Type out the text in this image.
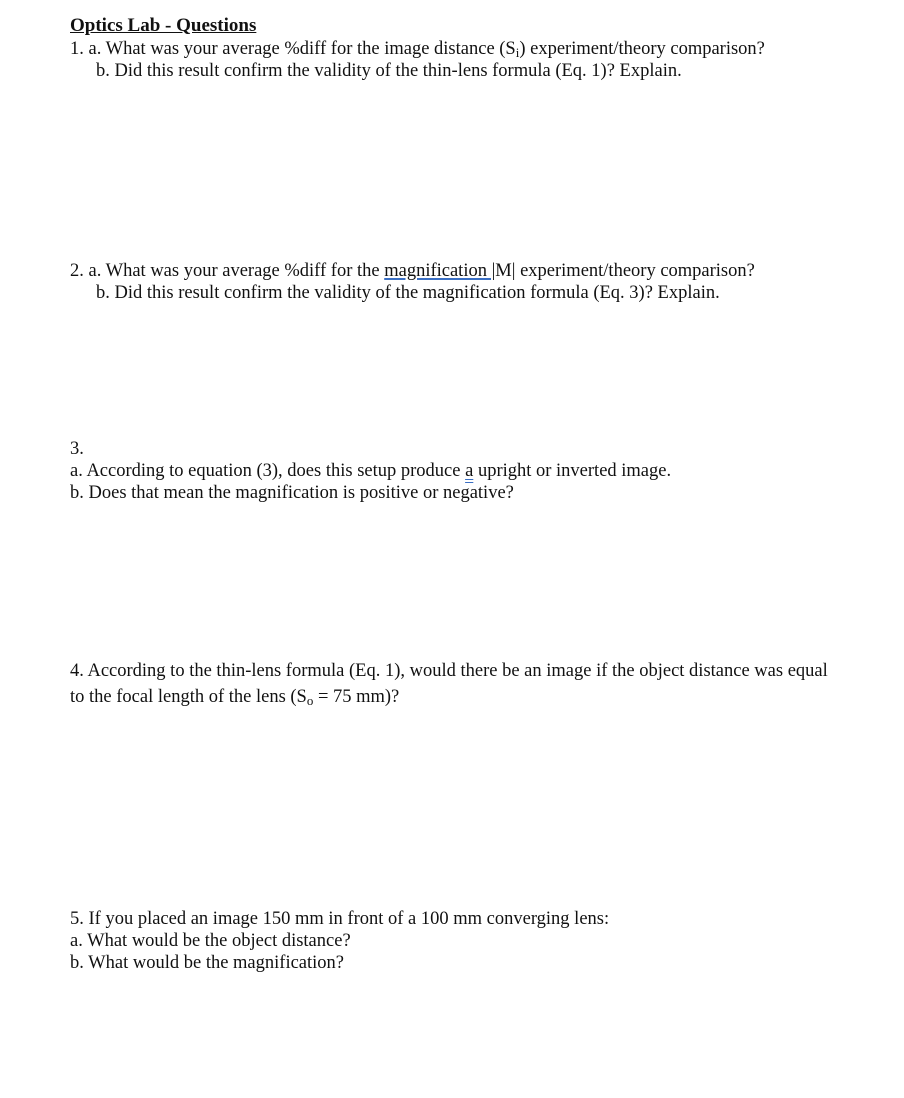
Optics Lab - Questions
1. a. What was your average %diff for the image distance $(S_i)$ experiment/theory comparison?
b. Did this result confirm the validity of the thin-lens formula (Eq. 1)? Explain.
2. a. What was your average %diff for the magnification |M| experiment/theory comparison?
b. Did this result confirm the validity of the magnification formula (Eq. 3)? Explain.
3.
a. According to equation (3), does this setup produce a upright or inverted image.
b. Does that mean the magnification is positive or negative?
4. According to the thin-lens formula (Eq. 1), would there be an image if the object distance was equal
to the focal length of the lens ($S_o = 75$ mm)?
5. If you placed an image 150 mm in front of a 100 mm converging lens:
a. What would be the object distance?
b. What would be the magnification?
